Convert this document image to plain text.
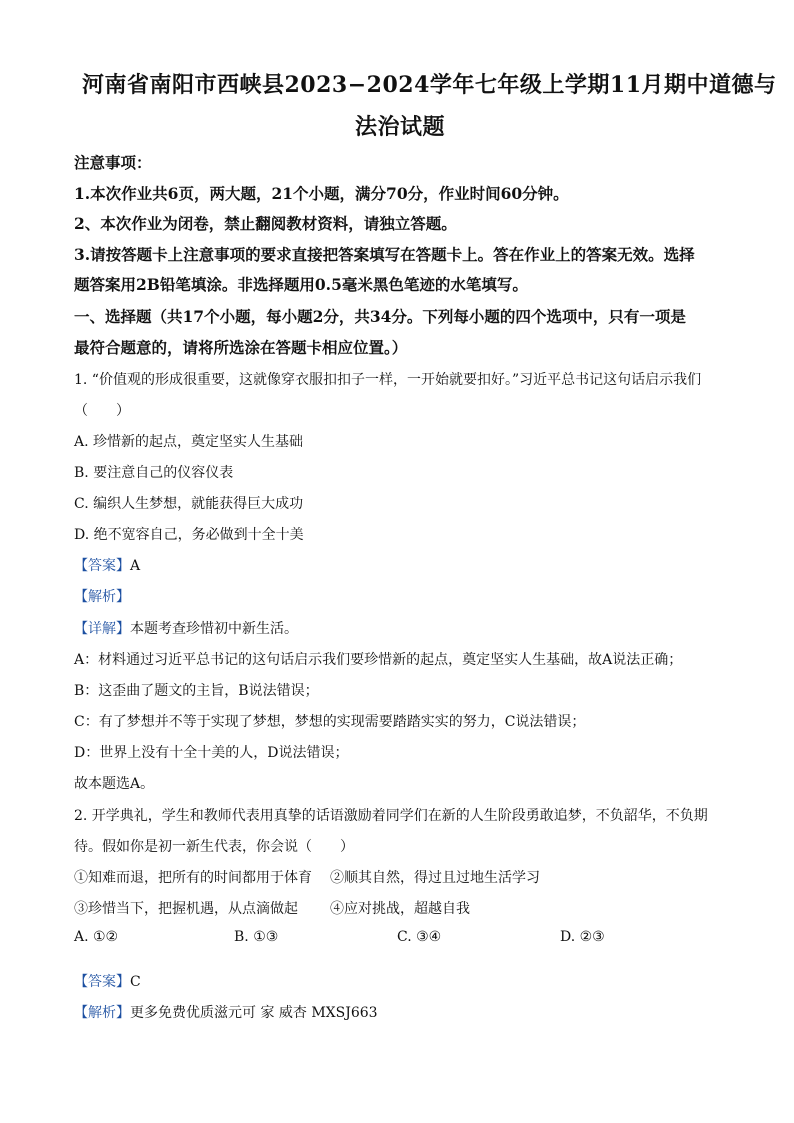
河南省南阳市西峡县2023−2024学年七年级上学期11月期中道德与
法治试题
注意事项：
1.本次作业共6页，两大题，21个小题，满分70分，作业时间60分钟。
2、本次作业为闭卷，禁止翻阅教材资料，请独立答题。
3.请按答题卡上注意事项的要求直接把答案填写在答题卡上。答在作业上的答案无效。选择
题答案用2B铅笔填涂。非选择题用0.5毫米黑色笔迹的水笔填写。
一、选择题（共17个小题，每小题2分，共34分。下列每小题的四个选项中，只有一项是
最符合题意的，请将所选涂在答题卡相应位置。）
1. “价值观的形成很重要，这就像穿衣服扣扣子一样，一开始就要扣好。”习近平总书记这句话启示我们
（　　）
A. 珍惜新的起点，奠定坚实人生基础
B. 要注意自己的仪容仪表
C. 编织人生梦想，就能获得巨大成功
D. 绝不宽容自己，务必做到十全十美
【答案】A
【解析】
【详解】本题考查珍惜初中新生活。
A：材料通过习近平总书记的这句话启示我们要珍惜新的起点，奠定坚实人生基础，故A说法正确；
B：这歪曲了题文的主旨，B说法错误；
C：有了梦想并不等于实现了梦想，梦想的实现需要踏踏实实的努力，C说法错误；
D：世界上没有十全十美的人，D说法错误；
故本题选A。
2. 开学典礼，学生和教师代表用真挚的话语激励着同学们在新的人生阶段勇敢追梦，不负韶华，不负期
待。假如你是初一新生代表，你会说（　　）
①知难而退，把所有的时间都用于体育 ②顺其自然，得过且过地生活学习
③珍惜当下，把握机遇，从点滴做起 ④应对挑战，超越自我
A. ①②	B. ①③	C. ③④	D. ②③
【答案】C
【解析】更多免费优质滋元可 家 威杏 MXSJ663
